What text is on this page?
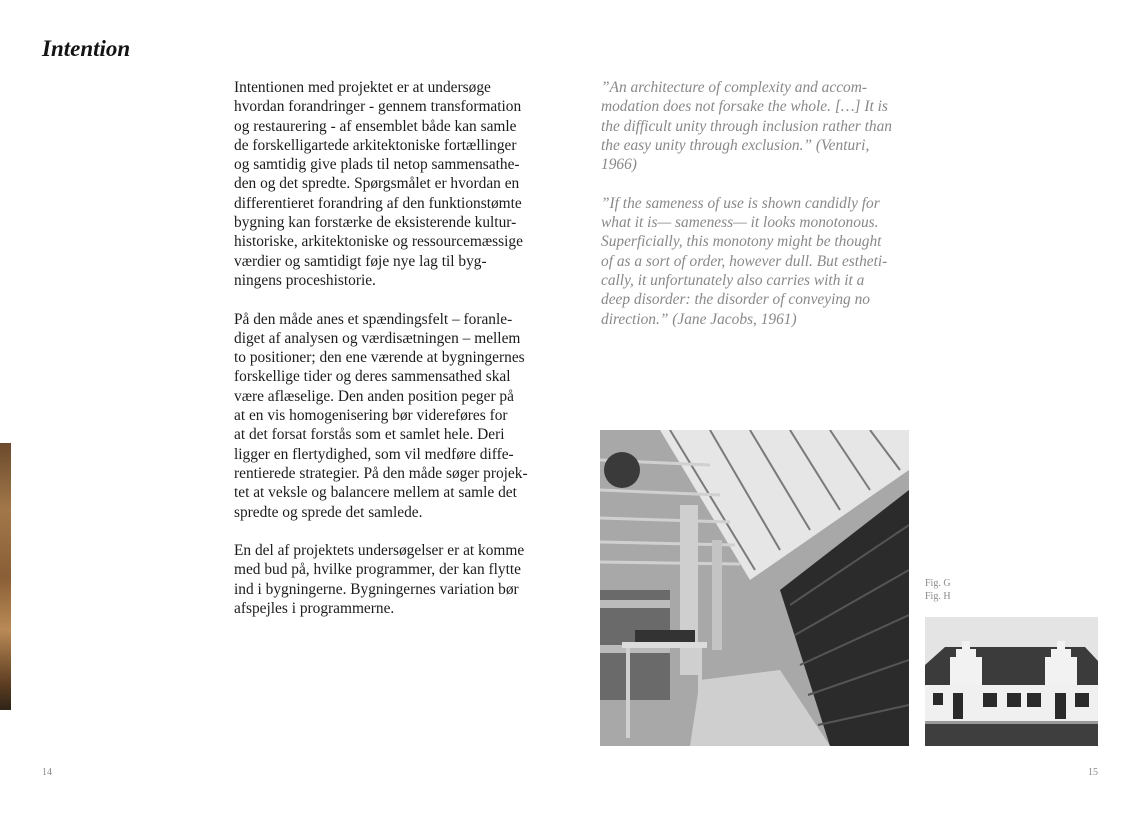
Intention

Intentionen med projektet er at undersøge
hvordan forandringer - gennem transformation
og restaurering - af ensemblet både kan samle
de forskelligartede arkitektoniske fortællinger
og samtidig give plads til netop sammensathe-
den og det spredte. Spørgsmålet er hvordan en
differentieret forandring af den funktionstømte
bygning kan forstærke de eksisterende kultur-
historiske, arkitektoniske og ressourcemæssige
værdier og samtidigt føje nye lag til byg-
ningens proceshistorie.

På den måde anes et spændingsfelt – foranle-
diget af analysen og værdisætningen – mellem
to positioner; den ene værende at bygningernes
forskellige tider og deres sammensathed skal
være aflæselige. Den anden position peger på
at en vis homogenisering bør videreføres for
at det forsat forstås som et samlet hele. Deri
ligger en flertydighed, som vil medføre diffe-
rentierede strategier. På den måde søger projek-
tet at veksle og balancere mellem at samle det
spredte og sprede det samlede.

En del af projektets undersøgelser er at komme
med bud på, hvilke programmer, der kan flytte
ind i bygningerne. Bygningernes variation bør
afspejles i programmerne.

”An architecture of complexity and accom-
modation does not forsake the whole. […] It is
the difficult unity through inclusion rather than
the easy unity through exclusion.” (Venturi,
1966)

”If the sameness of use is shown candidly for
what it is— sameness— it looks monotonous.
Superficially, this monotony might be thought
of as a sort of order, however dull. But estheti-
cally, it unfortunately also carries with it a
deep disorder: the disorder of conveying no
direction.” (Jane Jacobs, 1961)

Fig. G
Fig. H
14	15
